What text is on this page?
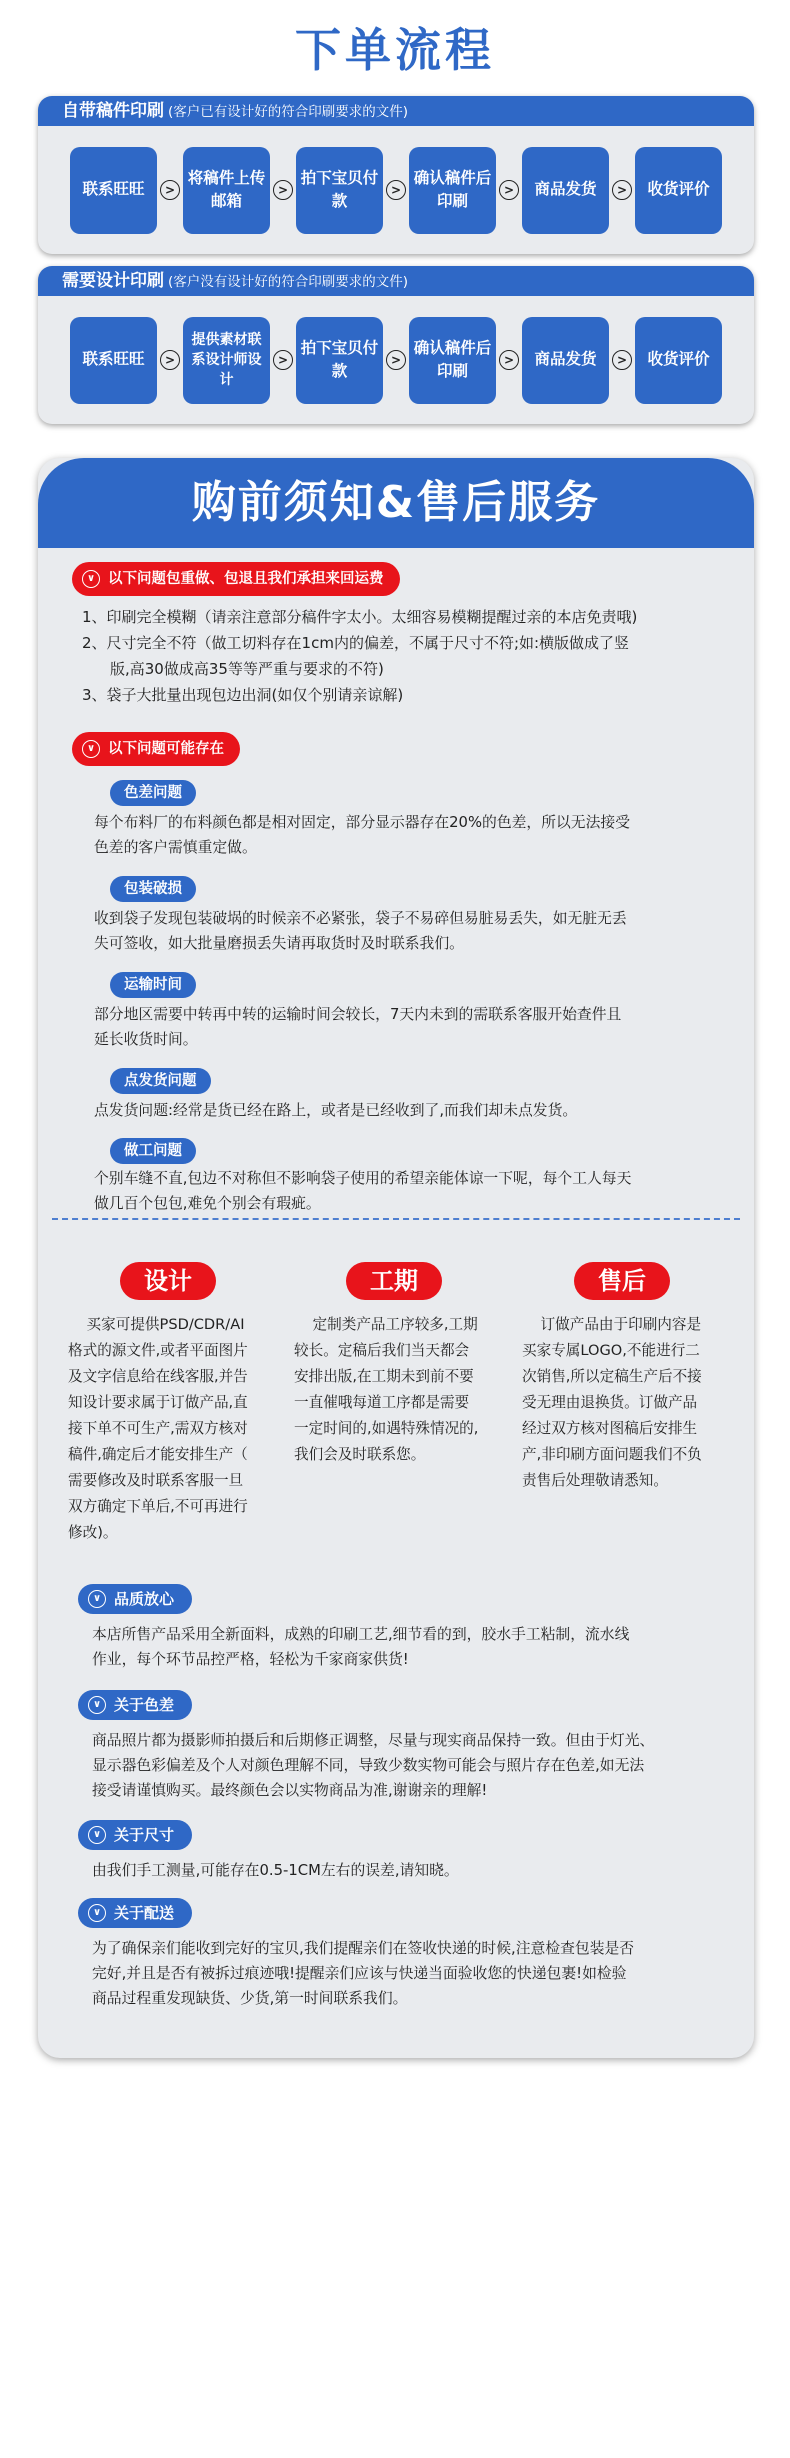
下单流程
自带稿件印刷 (客户已有设计好的符合印刷要求的文件)
联系旺旺	>
将稿件上传邮箱
>
拍下宝贝付款
>
确认稿件后印刷
>	商品发货	>	收货评价
需要设计印刷 (客户没有设计好的符合印刷要求的文件)
联系旺旺	>
提供素材联系设计师设计
>
拍下宝贝付款
>
确认稿件后印刷
>	商品发货	>	收货评价
购前须知&售后服务
∨ 以下问题包重做、包退且我们承担来回运费
1、印刷完全模糊（请亲注意部分稿件字太小。太细容易模糊提醒过亲的本店免责哦)
2、尺寸完全不符（做工切料存在1cm内的偏差，不属于尺寸不符;如:横版做成了竖
版,高30做成高35等等严重与要求的不符)
3、袋子大批量出现包边出洞(如仅个别请亲谅解)
∨ 以下问题可能存在
色差问题
每个布料厂的布料颜色都是相对固定，部分显示器存在20%的色差，所以无法接受
色差的客户需慎重定做。
包装破损
收到袋子发现包装破埚的时候亲不必紧张，袋子不易碎但易脏易丢失，如无脏无丢
失可签收，如大批量磨损丢失请再取货时及时联系我们。
运输时间
部分地区需要中转再中转的运输时间会较长，7天内未到的需联系客服开始查件且
延长收货时间。
点发货问题
点发货问题:经常是货已经在路上，或者是已经收到了,而我们却未点发货。
做工问题
个别车缝不直,包边不对称但不影响袋子使用的希望亲能体谅一下呢，每个工人每天
做几百个包包,难免个别会有瑕疵。
设计
买家可提供PSD/CDR/AI
格式的源文件,或者平面图片
及文字信息给在线客服,并告
知设计要求属于订做产品,直
接下单不可生产,需双方核对
稿件,确定后才能安排生产（
需要修改及时联系客服一旦
双方确定下单后,不可再进行
修改)。
工期
定制类产品工序较多,工期
较长。定稿后我们当天都会
安排出版,在工期未到前不要
一直催哦每道工序都是需要
一定时间的,如遇特殊情况的,
我们会及时联系您。
售后
订做产品由于印刷内容是
买家专属LOGO,不能进行二
次销售,所以定稿生产后不接
受无理由退换货。订做产品
经过双方核对图稿后安排生
产,非印刷方面问题我们不负
责售后处理敬请悉知。
∨ 品质放心
本店所售产品采用全新面料，成熟的印刷工艺,细节看的到，胶水手工粘制，流水线
作业，每个环节品控严格，轻松为千家商家供货!
∨ 关于色差
商品照片都为摄影师拍摄后和后期修正调整，尽量与现实商品保持一致。但由于灯光、
显示器色彩偏差及个人对颜色理解不同，导致少数实物可能会与照片存在色差,如无法
接受请谨慎购买。最终颜色会以实物商品为准,谢谢亲的理解!
∨ 关于尺寸
由我们手工测量,可能存在0.5-1CM左右的误差,请知晓。
∨ 关于配送
为了确保亲们能收到完好的宝贝,我们提醒亲们在签收快递的时候,注意检查包装是否
完好,并且是否有被拆过痕迹哦!提醒亲们应该与快递当面验收您的快递包裹!如检验
商品过程重发现缺货、少货,第一时间联系我们。
